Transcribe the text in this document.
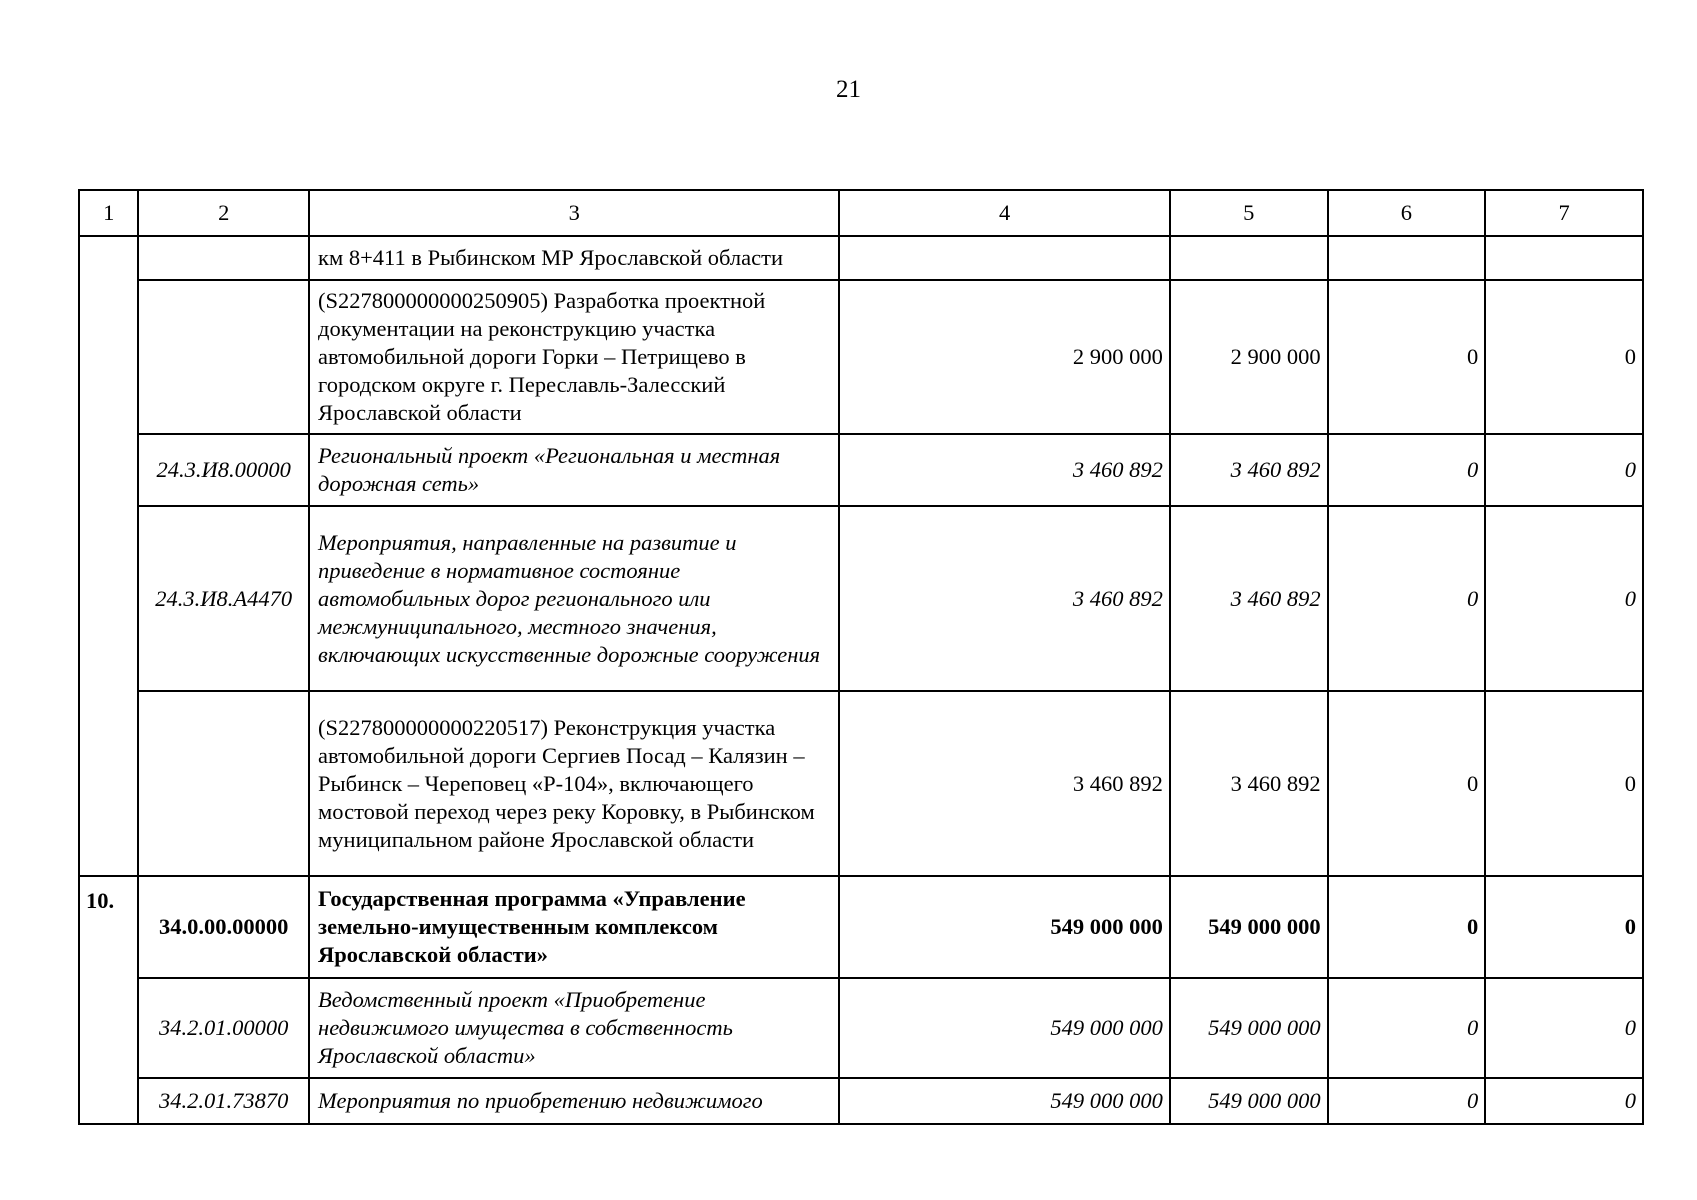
21
1	2	3	4	5	6	7
		км 8+411 в Рыбинском МР Ярославской области				
		(S227800000000250905) Разработка проектной документации на реконструкцию участка автомобильной дороги Горки – Петрищево в городском округе г. Переславль-Залесский Ярославской области	2 900 000	2 900 000	0	0
	24.3.И8.00000	Региональный проект «Региональная и местная дорожная сеть»	3 460 892	3 460 892	0	0
	24.3.И8.А4470	Мероприятия, направленные на развитие и приведение в нормативное состояние автомобильных дорог регионального или межмуниципального, местного значения, включающих искусственные дорожные сооружения	3 460 892	3 460 892	0	0
		(S227800000000220517) Реконструкция участка автомобильной дороги Сергиев Посад – Калязин – Рыбинск – Череповец «Р-104», включающего мостовой переход через реку Коровку, в Рыбинском муниципальном районе Ярославской области	3 460 892	3 460 892	0	0
10.	34.0.00.00000	Государственная программа «Управление земельно-имущественным комплексом Ярославской области»	549 000 000	549 000 000	0	0
	34.2.01.00000	Ведомственный проект «Приобретение недвижимого имущества в собственность Ярославской области»	549 000 000	549 000 000	0	0
	34.2.01.73870	Мероприятия по приобретению недвижимого	549 000 000	549 000 000	0	0
